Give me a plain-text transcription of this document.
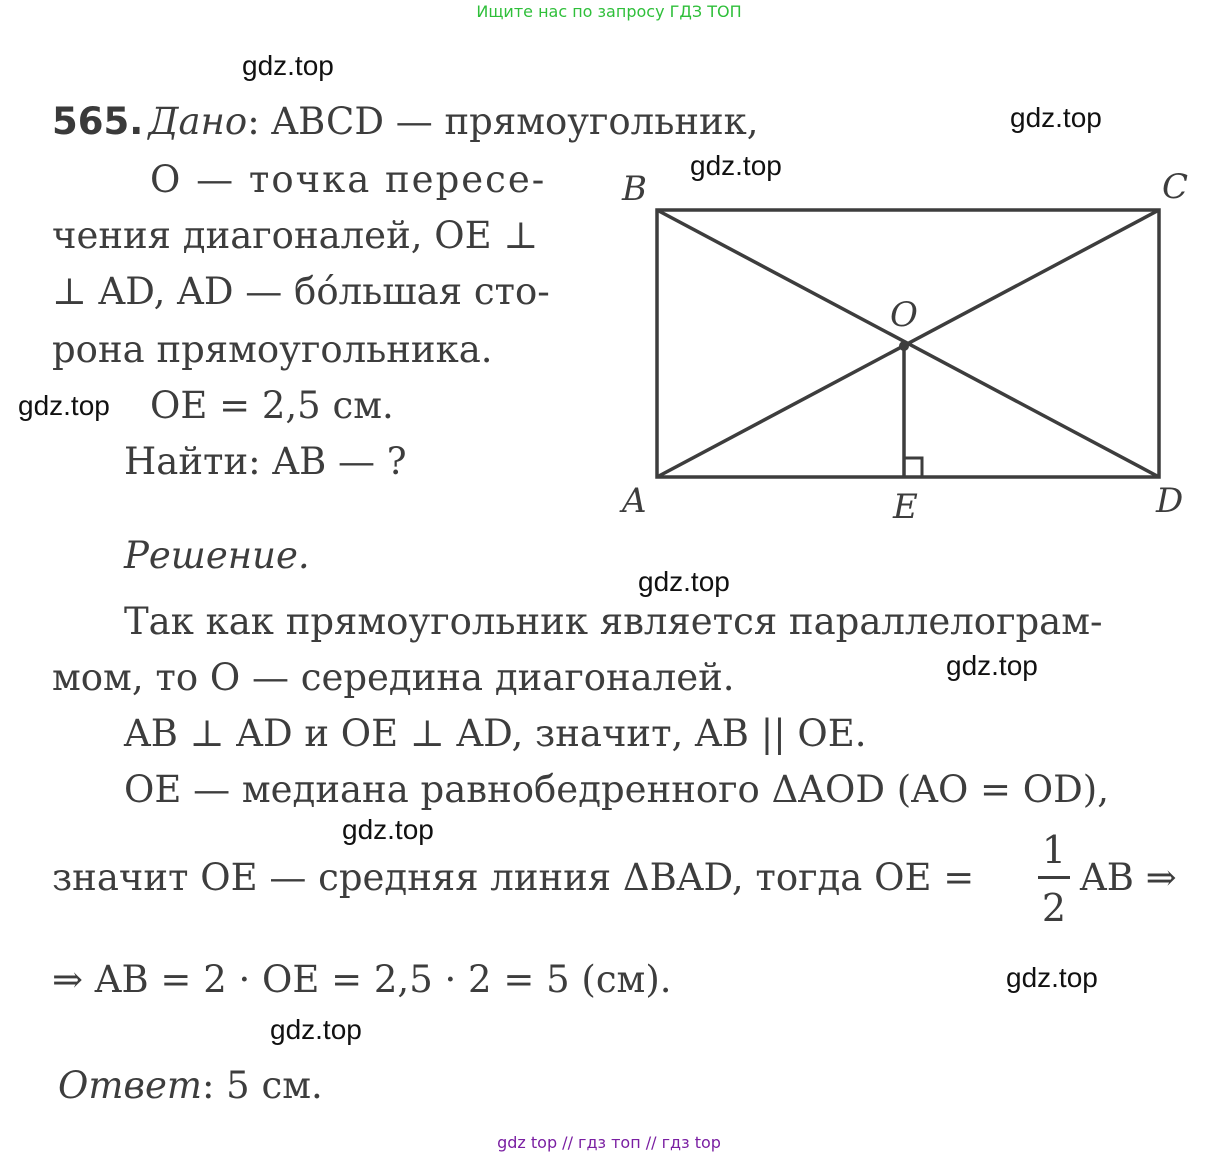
Ищите нас по запросу ГДЗ ТОП
gdz.top
gdz.top
gdz.top
gdz.top
gdz.top
gdz.top
gdz.top
gdz.top
gdz.top
565. Дано: ABCD — прямоугольник,
O — точка пересе-
чения диагоналей, OE ⊥
⊥ AD, AD — бо́льшая сто-
рона прямоугольника.
OE = 2,5 см.
Найти: AB — ?
B	C
O
A	E	D
Решение.
Так как прямоугольник является параллелограм-
мом, то O — середина диагоналей.
AB ⊥ AD и OE ⊥ AD, значит, AB || OE.
OE — медиана равнобедренного ΔAOD (AO = OD),
значит OE — средняя линия ΔBAD, тогда OE =
1
2
AB ⇒
⇒ AB = 2 · OE = 2,5 · 2 = 5 (см).
Ответ: 5 см.
gdz top // гдз топ // гдз top
